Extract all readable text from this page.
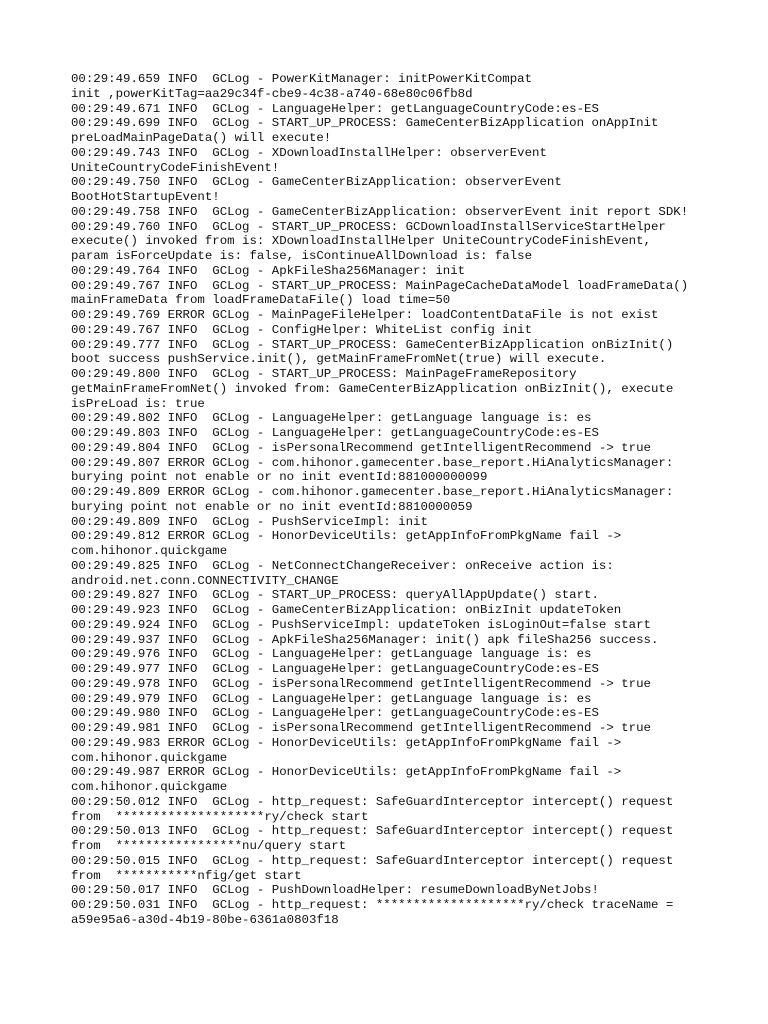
00:29:49.659 INFO  GCLog - PowerKitManager: initPowerKitCompat
init ,powerKitTag=aa29c34f-cbe9-4c38-a740-68e80c06fb8d
00:29:49.671 INFO  GCLog - LanguageHelper: getLanguageCountryCode:es-ES
00:29:49.699 INFO  GCLog - START_UP_PROCESS: GameCenterBizApplication onAppInit
preLoadMainPageData() will execute!
00:29:49.743 INFO  GCLog - XDownloadInstallHelper: observerEvent
UniteCountryCodeFinishEvent!
00:29:49.750 INFO  GCLog - GameCenterBizApplication: observerEvent
BootHotStartupEvent!
00:29:49.758 INFO  GCLog - GameCenterBizApplication: observerEvent init report SDK!
00:29:49.760 INFO  GCLog - START_UP_PROCESS: GCDownloadInstallServiceStartHelper
execute() invoked from is: XDownloadInstallHelper UniteCountryCodeFinishEvent,
param isForceUpdate is: false, isContinueAllDownload is: false
00:29:49.764 INFO  GCLog - ApkFileSha256Manager: init
00:29:49.767 INFO  GCLog - START_UP_PROCESS: MainPageCacheDataModel loadFrameData()
mainFrameData from loadFrameDataFile() load time=50
00:29:49.769 ERROR GCLog - MainPageFileHelper: loadContentDataFile is not exist
00:29:49.767 INFO  GCLog - ConfigHelper: WhiteList config init
00:29:49.777 INFO  GCLog - START_UP_PROCESS: GameCenterBizApplication onBizInit()
boot success pushService.init(), getMainFrameFromNet(true) will execute.
00:29:49.800 INFO  GCLog - START_UP_PROCESS: MainPageFrameRepository
getMainFrameFromNet() invoked from: GameCenterBizApplication onBizInit(), execute
isPreLoad is: true
00:29:49.802 INFO  GCLog - LanguageHelper: getLanguage language is: es
00:29:49.803 INFO  GCLog - LanguageHelper: getLanguageCountryCode:es-ES
00:29:49.804 INFO  GCLog - isPersonalRecommend getIntelligentRecommend -> true
00:29:49.807 ERROR GCLog - com.hihonor.gamecenter.base_report.HiAnalyticsManager:
burying point not enable or no init eventId:881000000099
00:29:49.809 ERROR GCLog - com.hihonor.gamecenter.base_report.HiAnalyticsManager:
burying point not enable or no init eventId:8810000059
00:29:49.809 INFO  GCLog - PushServiceImpl: init
00:29:49.812 ERROR GCLog - HonorDeviceUtils: getAppInfoFromPkgName fail ->
com.hihonor.quickgame
00:29:49.825 INFO  GCLog - NetConnectChangeReceiver: onReceive action is:
android.net.conn.CONNECTIVITY_CHANGE
00:29:49.827 INFO  GCLog - START_UP_PROCESS: queryAllAppUpdate() start.
00:29:49.923 INFO  GCLog - GameCenterBizApplication: onBizInit updateToken
00:29:49.924 INFO  GCLog - PushServiceImpl: updateToken isLoginOut=false start
00:29:49.937 INFO  GCLog - ApkFileSha256Manager: init() apk fileSha256 success.
00:29:49.976 INFO  GCLog - LanguageHelper: getLanguage language is: es
00:29:49.977 INFO  GCLog - LanguageHelper: getLanguageCountryCode:es-ES
00:29:49.978 INFO  GCLog - isPersonalRecommend getIntelligentRecommend -> true
00:29:49.979 INFO  GCLog - LanguageHelper: getLanguage language is: es
00:29:49.980 INFO  GCLog - LanguageHelper: getLanguageCountryCode:es-ES
00:29:49.981 INFO  GCLog - isPersonalRecommend getIntelligentRecommend -> true
00:29:49.983 ERROR GCLog - HonorDeviceUtils: getAppInfoFromPkgName fail ->
com.hihonor.quickgame
00:29:49.987 ERROR GCLog - HonorDeviceUtils: getAppInfoFromPkgName fail ->
com.hihonor.quickgame
00:29:50.012 INFO  GCLog - http_request: SafeGuardInterceptor intercept() request
from  ********************ry/check start
00:29:50.013 INFO  GCLog - http_request: SafeGuardInterceptor intercept() request
from  *****************nu/query start
00:29:50.015 INFO  GCLog - http_request: SafeGuardInterceptor intercept() request
from  ***********nfig/get start
00:29:50.017 INFO  GCLog - PushDownloadHelper: resumeDownloadByNetJobs!
00:29:50.031 INFO  GCLog - http_request: ********************ry/check traceName =
a59e95a6-a30d-4b19-80be-6361a0803f18
